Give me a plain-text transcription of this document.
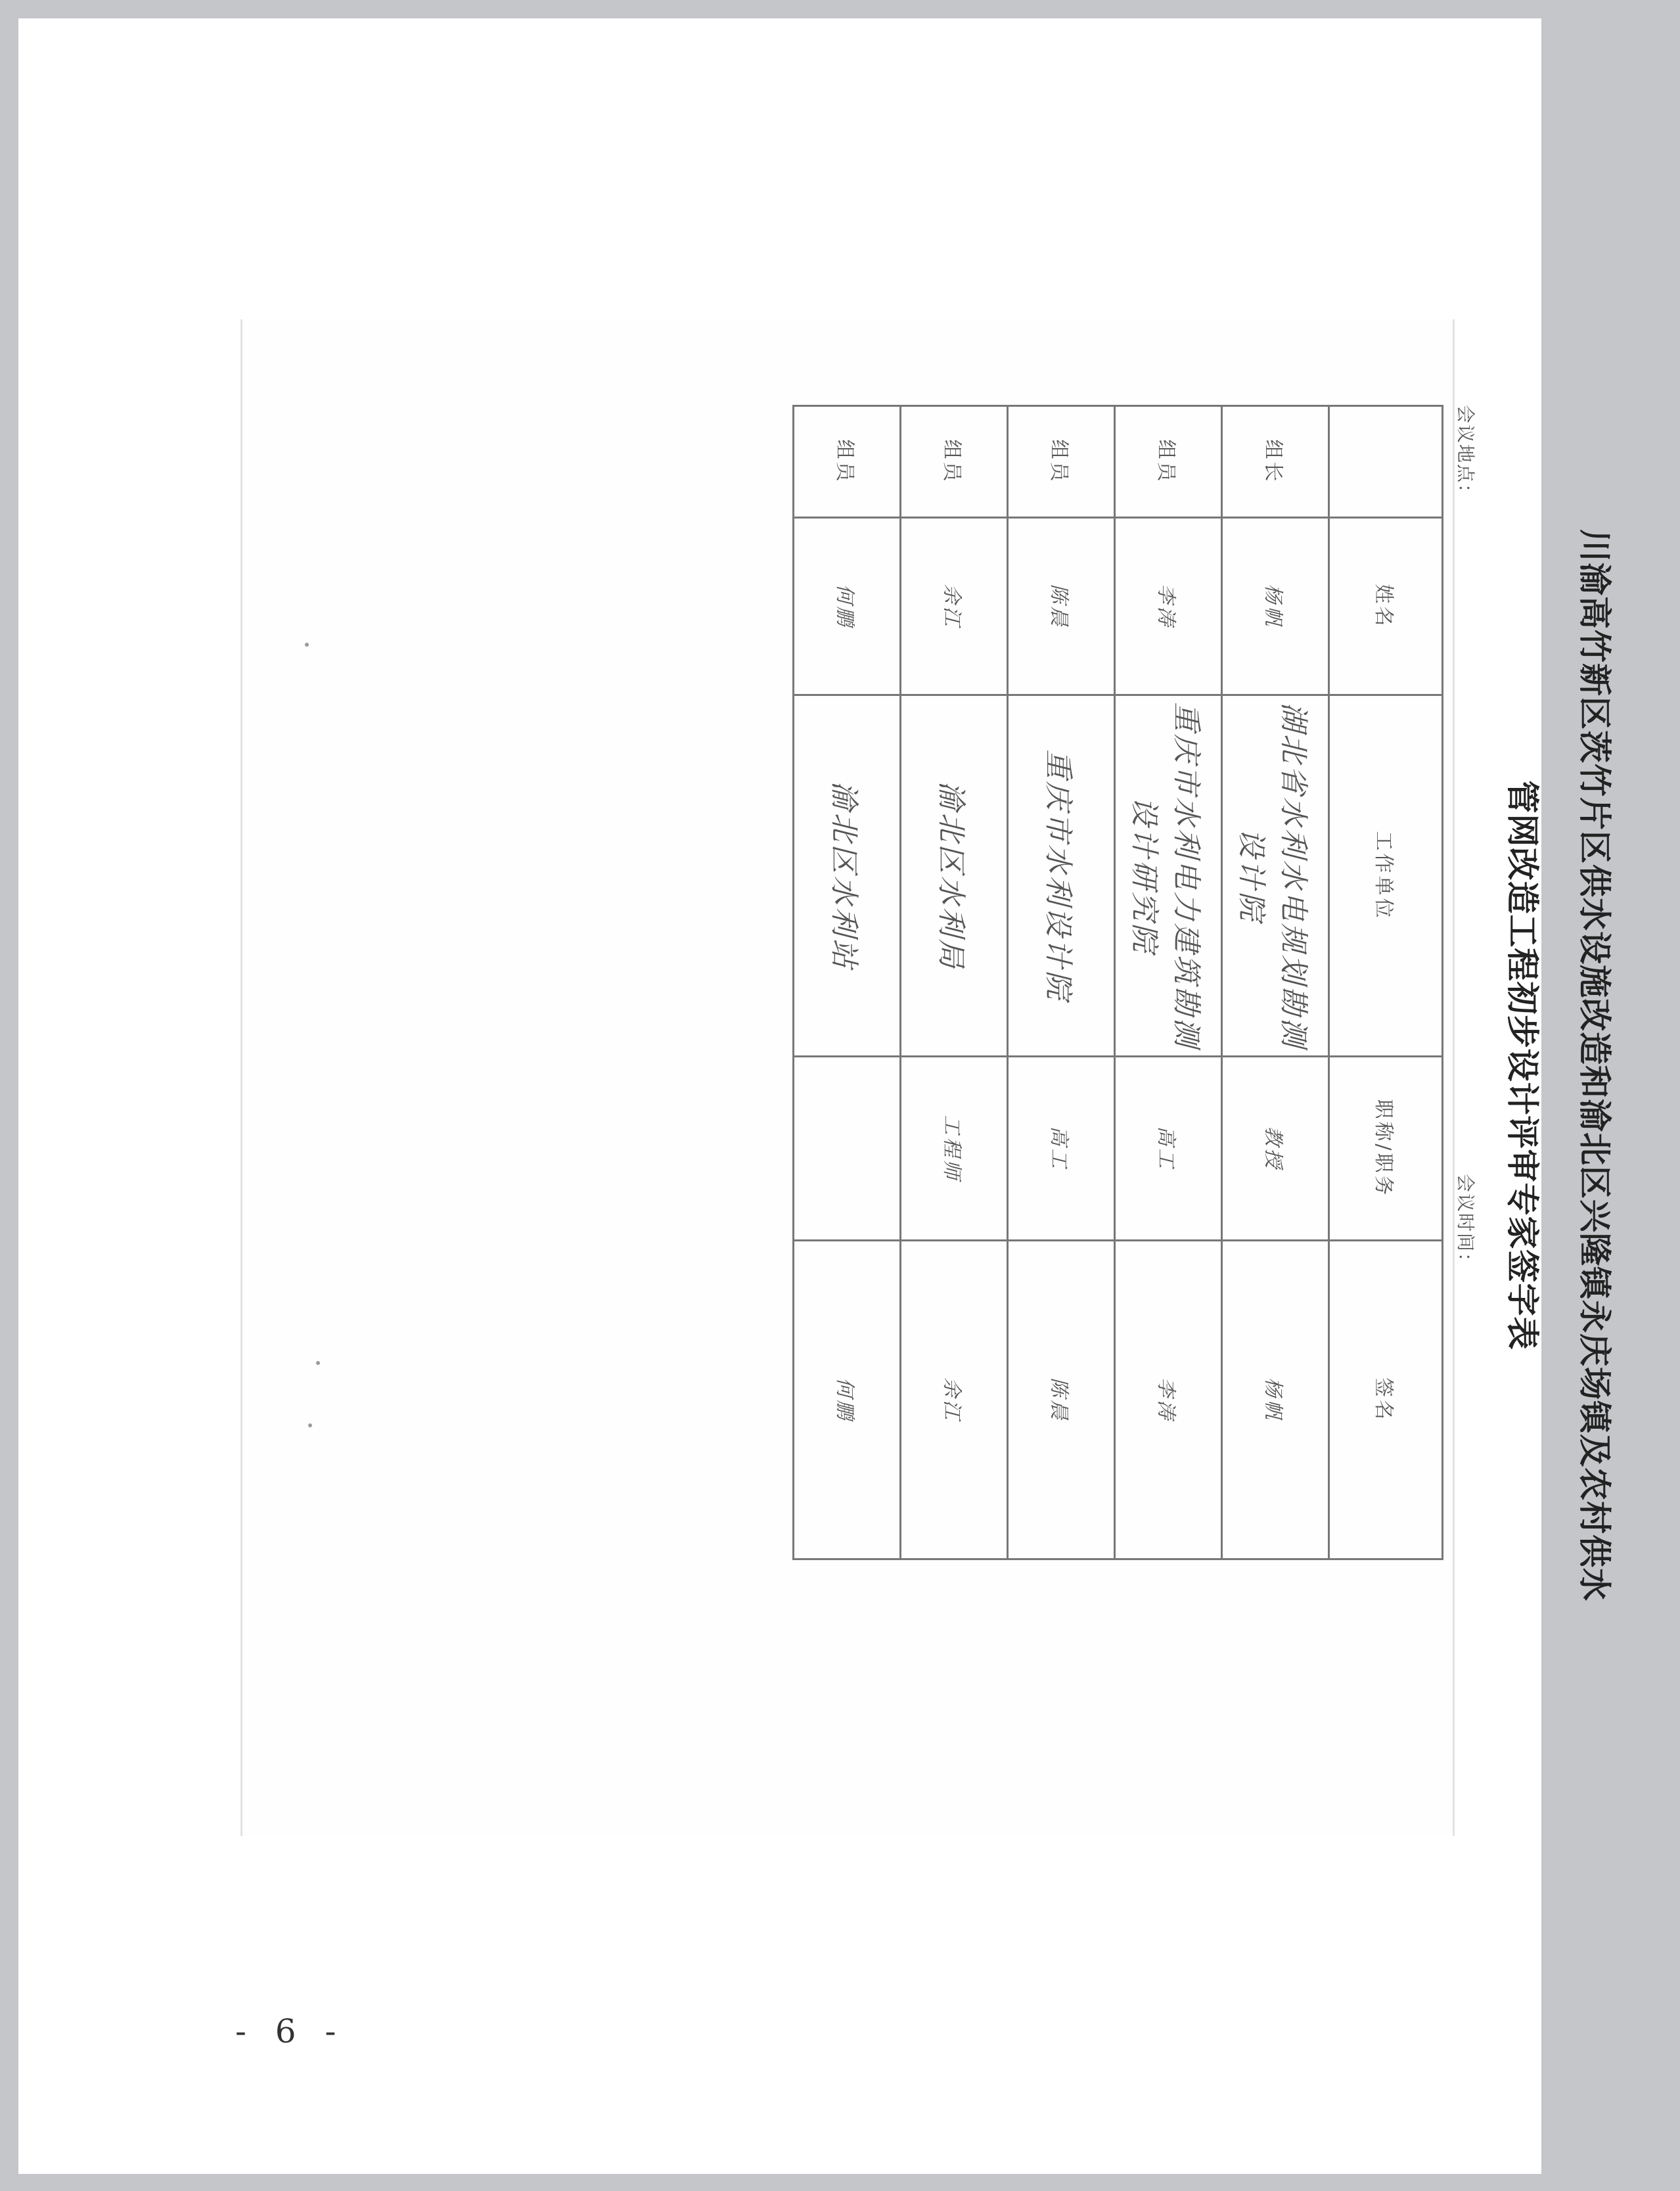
川渝高竹新区茨竹片区供水设施改造和渝北区兴隆镇永庆场镇及农村供水
管网改造工程初步设计评审专家签字表
会议地点：
会议时间：
	姓名	工作单位	职称/职务	签名
组长	杨帆	湖北省水利水电规划勘测设计院	教授	杨帆
组员	李涛	重庆市水利电力建筑勘测设计研究院	高工	李涛
组员	陈晨	重庆市水利设计院	高工	陈晨
组员	余江	渝北区水利局	工程师	余江
组员	何鹏	渝北区水利站		何鹏
- 6 -
